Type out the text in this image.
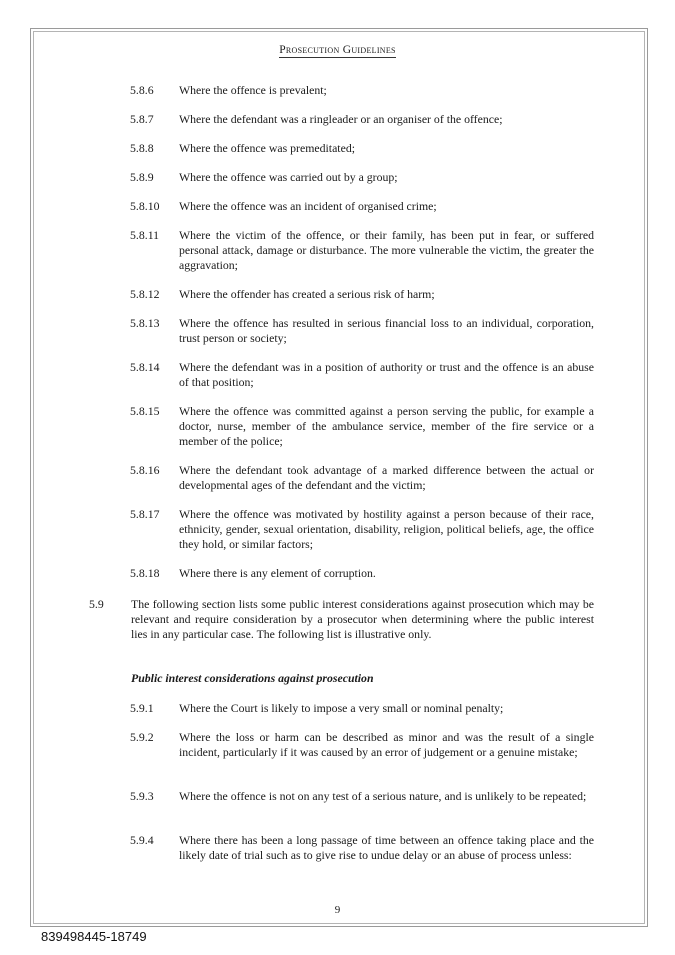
Prosecution Guidelines
5.8.6 Where the offence is prevalent;
5.8.7 Where the defendant was a ringleader or an organiser of the offence;
5.8.8 Where the offence was premeditated;
5.8.9 Where the offence was carried out by a group;
5.8.10 Where the offence was an incident of organised crime;
5.8.11 Where the victim of the offence, or their family, has been put in fear, or suffered personal attack, damage or disturbance. The more vulnerable the victim, the greater the aggravation;
5.8.12 Where the offender has created a serious risk of harm;
5.8.13 Where the offence has resulted in serious financial loss to an individual, corporation, trust person or society;
5.8.14 Where the defendant was in a position of authority or trust and the offence is an abuse of that position;
5.8.15 Where the offence was committed against a person serving the public, for example a doctor, nurse, member of the ambulance service, member of the fire service or a member of the police;
5.8.16 Where the defendant took advantage of a marked difference between the actual or developmental ages of the defendant and the victim;
5.8.17 Where the offence was motivated by hostility against a person because of their race, ethnicity, gender, sexual orientation, disability, religion, political beliefs, age, the office they hold, or similar factors;
5.8.18 Where there is any element of corruption.
5.9 The following section lists some public interest considerations against prosecution which may be relevant and require consideration by a prosecutor when determining where the public interest lies in any particular case. The following list is illustrative only.
Public interest considerations against prosecution
5.9.1 Where the Court is likely to impose a very small or nominal penalty;
5.9.2 Where the loss or harm can be described as minor and was the result of a single incident, particularly if it was caused by an error of judgement or a genuine mistake;
5.9.3 Where the offence is not on any test of a serious nature, and is unlikely to be repeated;
5.9.4 Where there has been a long passage of time between an offence taking place and the likely date of trial such as to give rise to undue delay or an abuse of process unless:
9
839498445-18749
